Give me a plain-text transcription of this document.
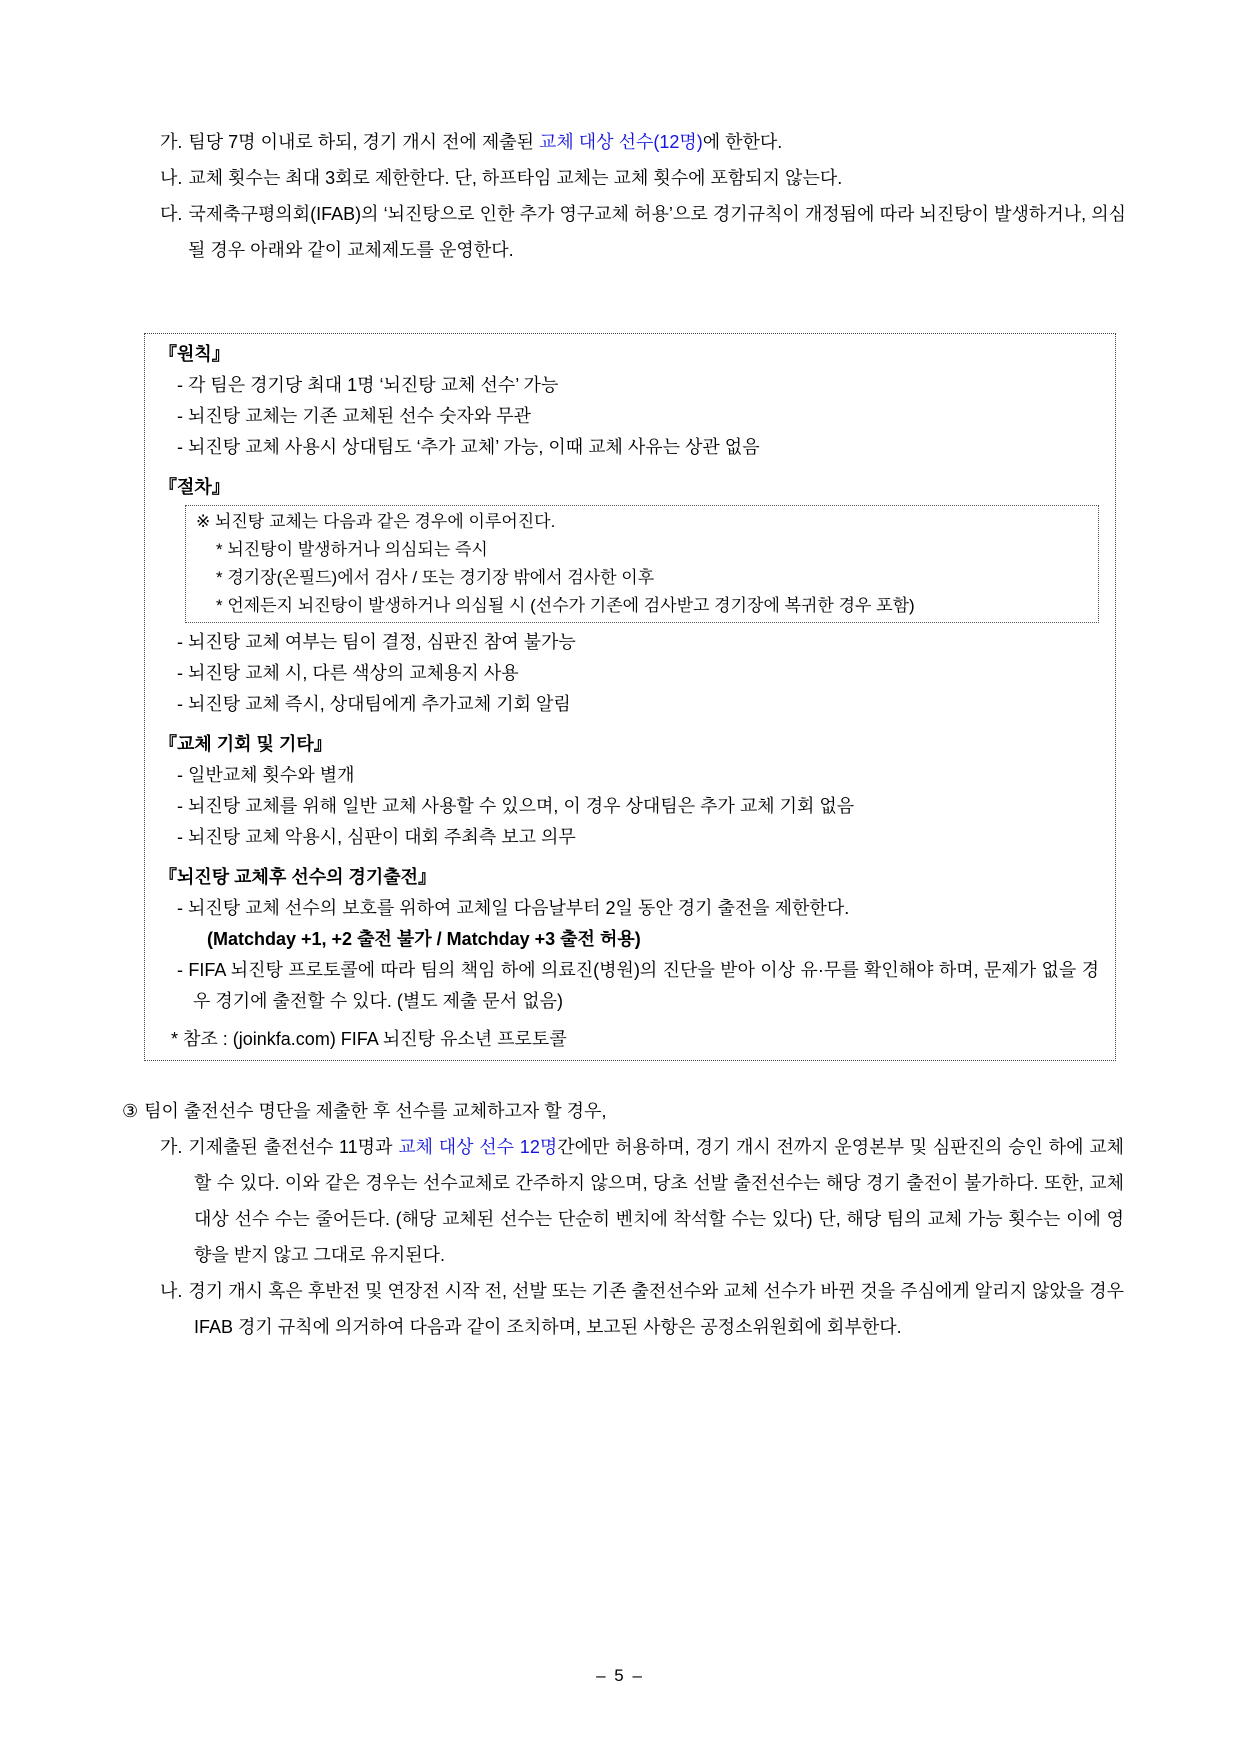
가. 팀당 7명 이내로 하되, 경기 개시 전에 제출된 교체 대상 선수(12명)에 한한다.

나. 교체 횟수는 최대 3회로 제한한다. 단, 하프타임 교체는 교체 횟수에 포함되지 않는다.

다. 국제축구평의회(IFAB)의 ‘뇌진탕으로 인한 추가 영구교체 허용’으로 경기규칙이 개정됨에 따라 뇌진탕이 발생하거나, 의심될 경우 아래와 같이 교체제도를 운영한다.

『원칙』

- 각 팀은 경기당 최대 1명 ‘뇌진탕 교체 선수’ 가능

- 뇌진탕 교체는 기존 교체된 선수 숫자와 무관

- 뇌진탕 교체 사용시 상대팀도 ‘추가 교체’ 가능, 이때 교체 사유는 상관 없음

『절차』

※ 뇌진탕 교체는 다음과 같은 경우에 이루어진다.

* 뇌진탕이 발생하거나 의심되는 즉시

* 경기장(온필드)에서 검사 / 또는 경기장 밖에서 검사한 이후

* 언제든지 뇌진탕이 발생하거나 의심될 시 (선수가 기존에 검사받고 경기장에 복귀한 경우 포함)

- 뇌진탕 교체 여부는 팀이 결정, 심판진 참여 불가능

- 뇌진탕 교체 시, 다른 색상의 교체용지 사용

- 뇌진탕 교체 즉시, 상대팀에게 추가교체 기회 알림

『교체 기회 및 기타』

- 일반교체 횟수와 별개

- 뇌진탕 교체를 위해 일반 교체 사용할 수 있으며, 이 경우 상대팀은 추가 교체 기회 없음

- 뇌진탕 교체 악용시, 심판이 대회 주최측 보고 의무

『뇌진탕 교체후 선수의 경기출전』

- 뇌진탕 교체 선수의 보호를 위하여 교체일 다음날부터 2일 동안 경기 출전을 제한한다.

(Matchday +1, +2 출전 불가 / Matchday +3 출전 허용)

- FIFA 뇌진탕 프로토콜에 따라 팀의 책임 하에 의료진(병원)의 진단을 받아 이상 유·무를 확인해야 하며, 문제가 없을 경우 경기에 출전할 수 있다. (별도 제출 문서 없음)

* 참조 : (joinkfa.com) FIFA 뇌진탕 유소년 프로토콜

③ 팀이 출전선수 명단을 제출한 후 선수를 교체하고자 할 경우,

가. 기제출된 출전선수 11명과 교체 대상 선수 12명간에만 허용하며, 경기 개시 전까지 운영본부 및 심판진의 승인 하에 교체할 수 있다. 이와 같은 경우는 선수교체로 간주하지 않으며, 당초 선발 출전선수는 해당 경기 출전이 불가하다. 또한, 교체 대상 선수 수는 줄어든다. (해당 교체된 선수는 단순히 벤치에 착석할 수는 있다) 단, 해당 팀의 교체 가능 횟수는 이에 영향을 받지 않고 그대로 유지된다.

나. 경기 개시 혹은 후반전 및 연장전 시작 전, 선발 또는 기존 출전선수와 교체 선수가 바뀐 것을 주심에게 알리지 않았을 경우 IFAB 경기 규칙에 의거하여 다음과 같이 조치하며, 보고된 사항은 공정소위원회에 회부한다.

– 5 –
